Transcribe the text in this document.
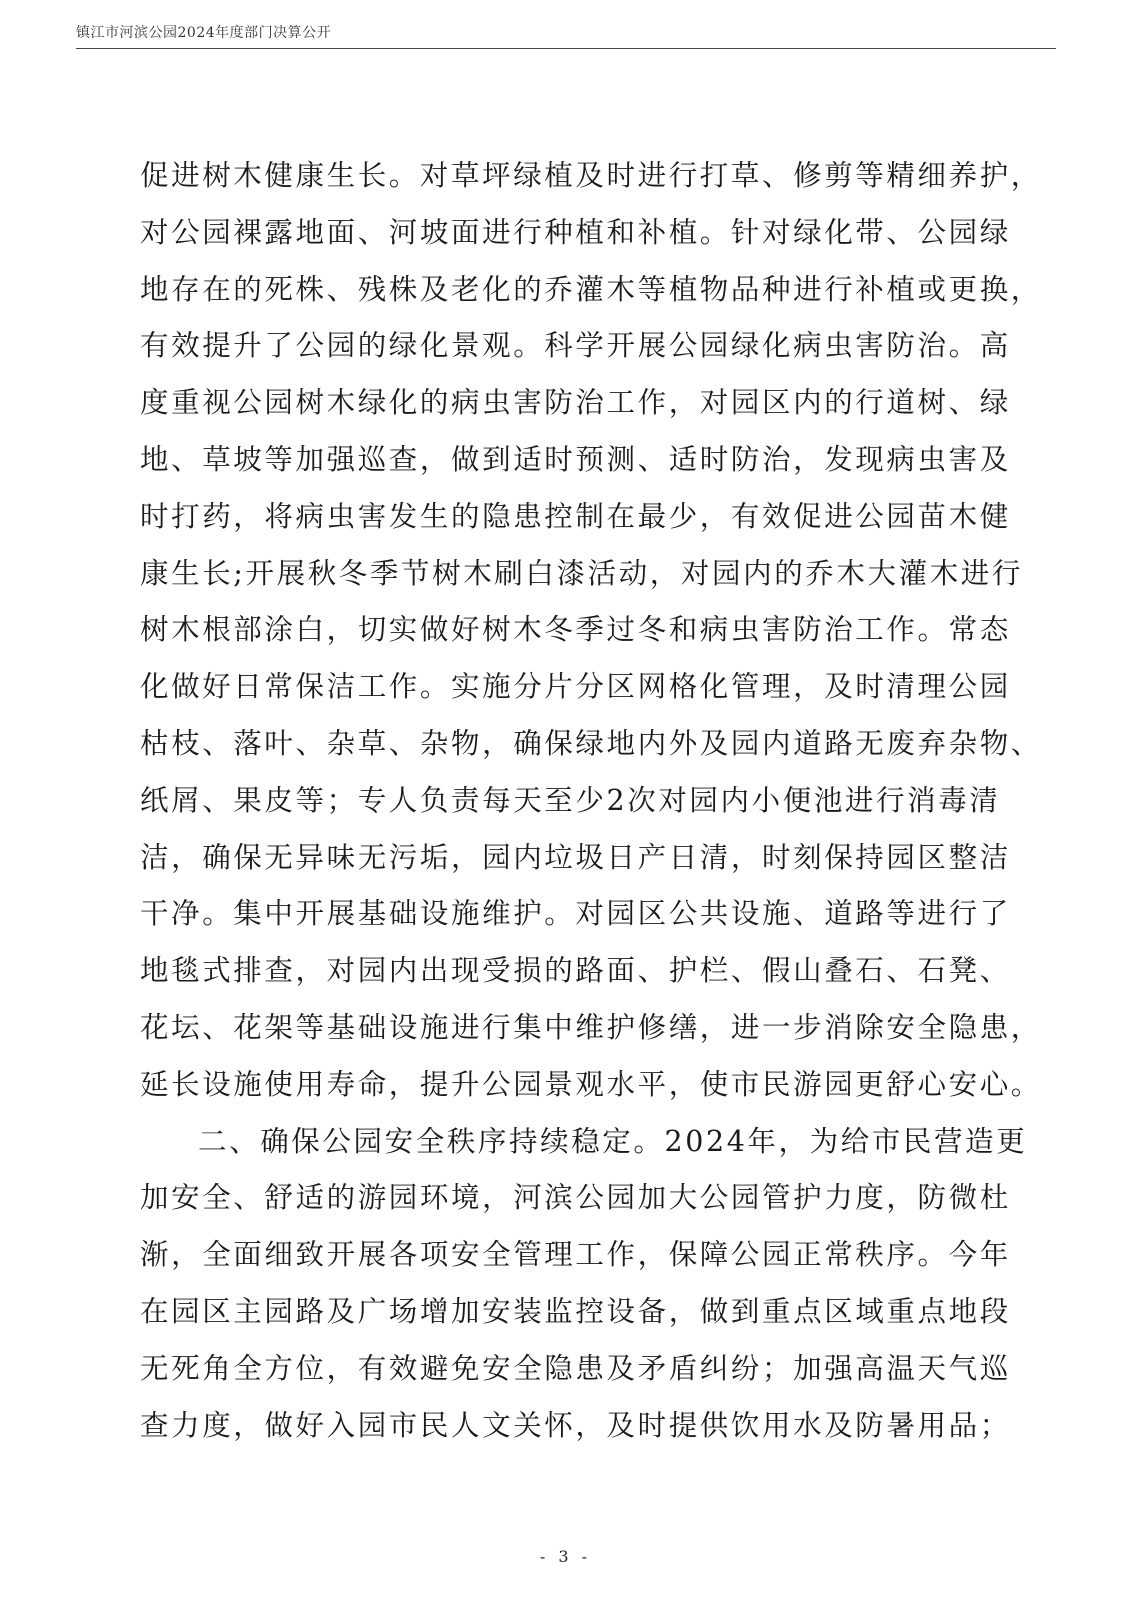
镇江市河滨公园2024年度部门决算公开
促进树木健康生长。对草坪绿植及时进行打草、修剪等精细养护，
对公园裸露地面、河坡面进行种植和补植。针对绿化带、公园绿
地存在的死株、残株及老化的乔灌木等植物品种进行补植或更换，
有效提升了公园的绿化景观。科学开展公园绿化病虫害防治。高
度重视公园树木绿化的病虫害防治工作，对园区内的行道树、绿
地、草坡等加强巡查，做到适时预测、适时防治，发现病虫害及
时打药，将病虫害发生的隐患控制在最少，有效促进公园苗木健
康生长;开展秋冬季节树木刷白漆活动，对园内的乔木大灌木进行
树木根部涂白，切实做好树木冬季过冬和病虫害防治工作。常态
化做好日常保洁工作。实施分片分区网格化管理，及时清理公园
枯枝、落叶、杂草、杂物，确保绿地内外及园内道路无废弃杂物、
纸屑、果皮等；专人负责每天至少2次对园内小便池进行消毒清
洁，确保无异味无污垢，园内垃圾日产日清，时刻保持园区整洁
干净。集中开展基础设施维护。对园区公共设施、道路等进行了
地毯式排查，对园内出现受损的路面、护栏、假山叠石、石凳、
花坛、花架等基础设施进行集中维护修缮，进一步消除安全隐患，
延长设施使用寿命，提升公园景观水平，使市民游园更舒心安心。
二、确保公园安全秩序持续稳定。2024年，为给市民营造更
加安全、舒适的游园环境，河滨公园加大公园管护力度，防微杜
渐，全面细致开展各项安全管理工作，保障公园正常秩序。今年
在园区主园路及广场增加安装监控设备，做到重点区域重点地段
无死角全方位，有效避免安全隐患及矛盾纠纷；加强高温天气巡
查力度，做好入园市民人文关怀，及时提供饮用水及防暑用品；
- 3 -
